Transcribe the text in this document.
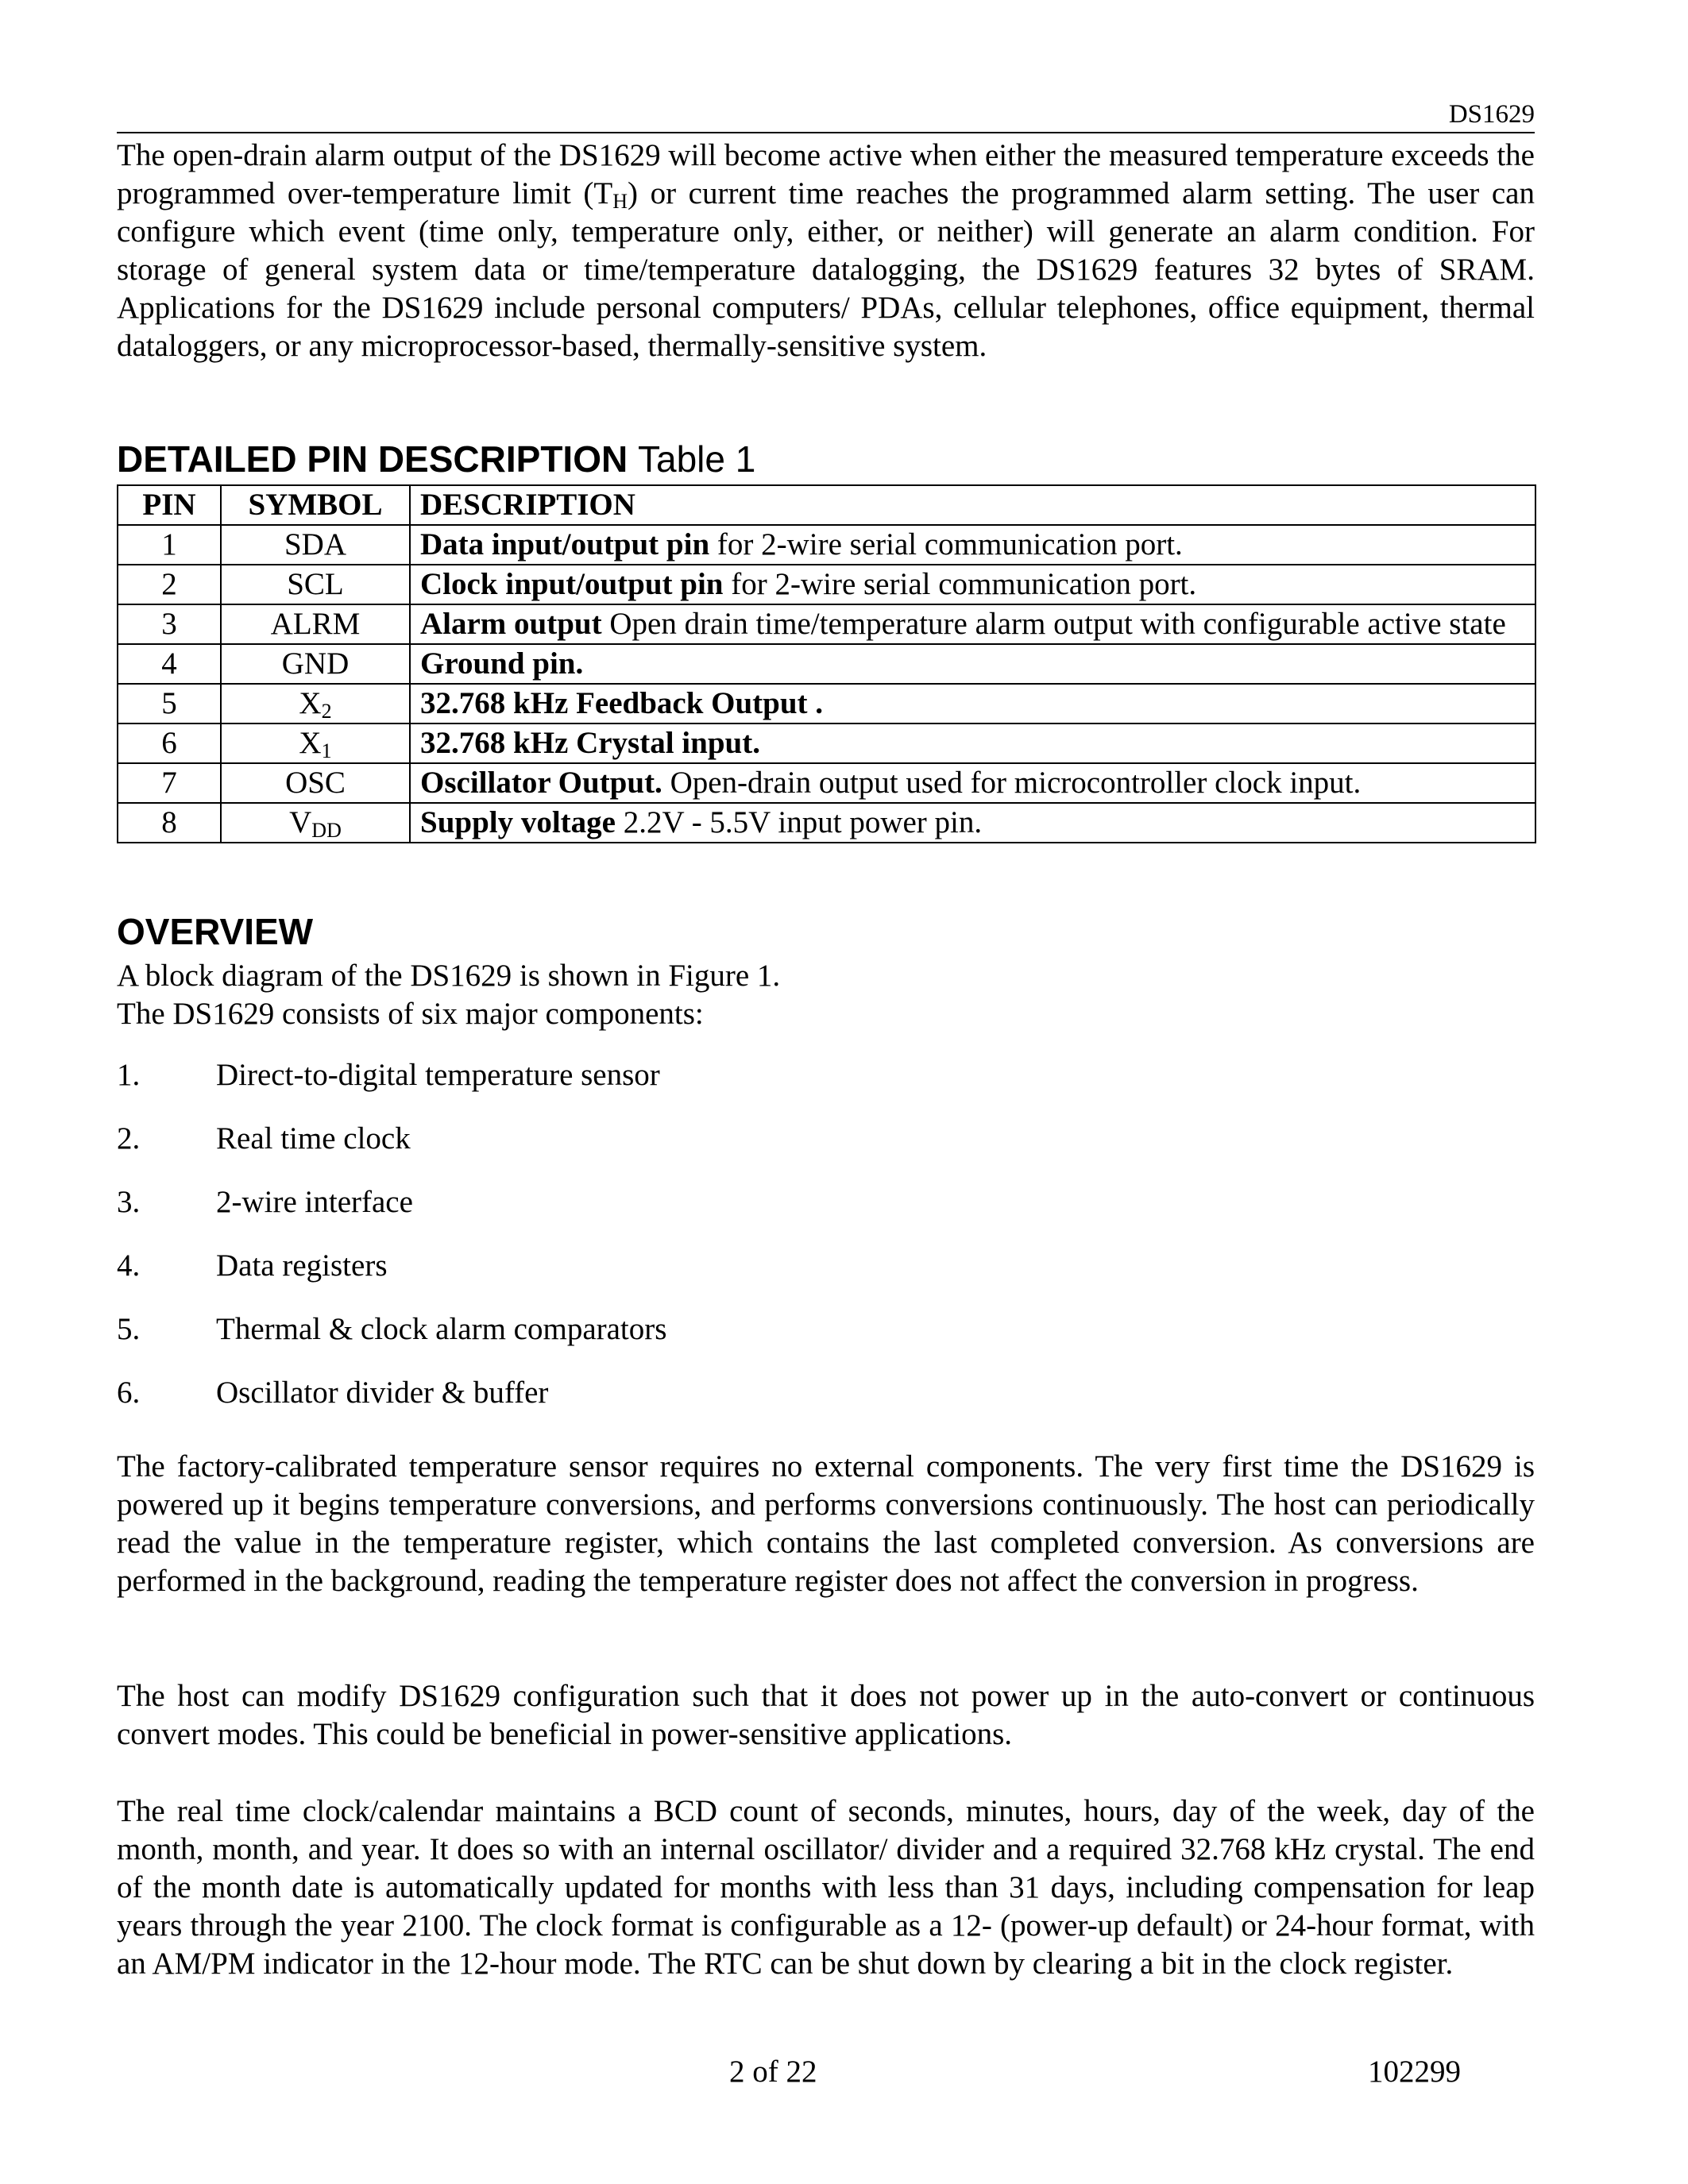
DS1629

The open-drain alarm output of the DS1629 will become active when either the measured temperature exceeds the programmed over-temperature limit $(T_H)$ or current time reaches the programmed alarm setting. The user can configure which event (time only, temperature only, either, or neither) will generate an alarm condition. For storage of general system data or time/temperature datalogging, the DS1629 features 32 bytes of SRAM. Applications for the DS1629 include personal computers/ PDAs, cellular telephones, office equipment, thermal dataloggers, or any microprocessor-based, thermally-sensitive system.

DETAILED PIN DESCRIPTION Table 1
PIN	SYMBOL	DESCRIPTION
1	SDA	Data input/output pin for 2-wire serial communication port.
2	SCL	Clock input/output pin for 2-wire serial communication port.
3	ALRM	Alarm output Open drain time/temperature alarm output with configurable active state
4	GND	Ground pin.
5	$X_2$	32.768 kHz Feedback Output .
6	$X_1$	32.768 kHz Crystal input.
7	OSC	Oscillator Output. Open-drain output used for microcontroller clock input.
8	$V_{DD}$	Supply voltage 2.2V - 5.5V input power pin.
OVERVIEW
A block diagram of the DS1629 is shown in Figure 1.
The DS1629 consists of six major components:
1.	Direct-to-digital temperature sensor
2.	Real time clock
3.	2-wire interface
4.	Data registers
5.	Thermal & clock alarm comparators
6.	Oscillator divider & buffer

The factory-calibrated temperature sensor requires no external components. The very first time the DS1629 is powered up it begins temperature conversions, and performs conversions continuously. The host can periodically read the value in the temperature register, which contains the last completed conversion. As conversions are performed in the background, reading the temperature register does not affect the conversion in progress.

The host can modify DS1629 configuration such that it does not power up in the auto-convert or continuous convert modes. This could be beneficial in power-sensitive applications.

The real time clock/calendar maintains a BCD count of seconds, minutes, hours, day of the week, day of the month, month, and year. It does so with an internal oscillator/ divider and a required 32.768 kHz crystal. The end of the month date is automatically updated for months with less than 31 days, including compensation for leap years through the year 2100. The clock format is configurable as a 12- (power-up default) or 24-hour format, with an AM/PM indicator in the 12-hour mode. The RTC can be shut down by clearing a bit in the clock register.

2 of 22	102299
